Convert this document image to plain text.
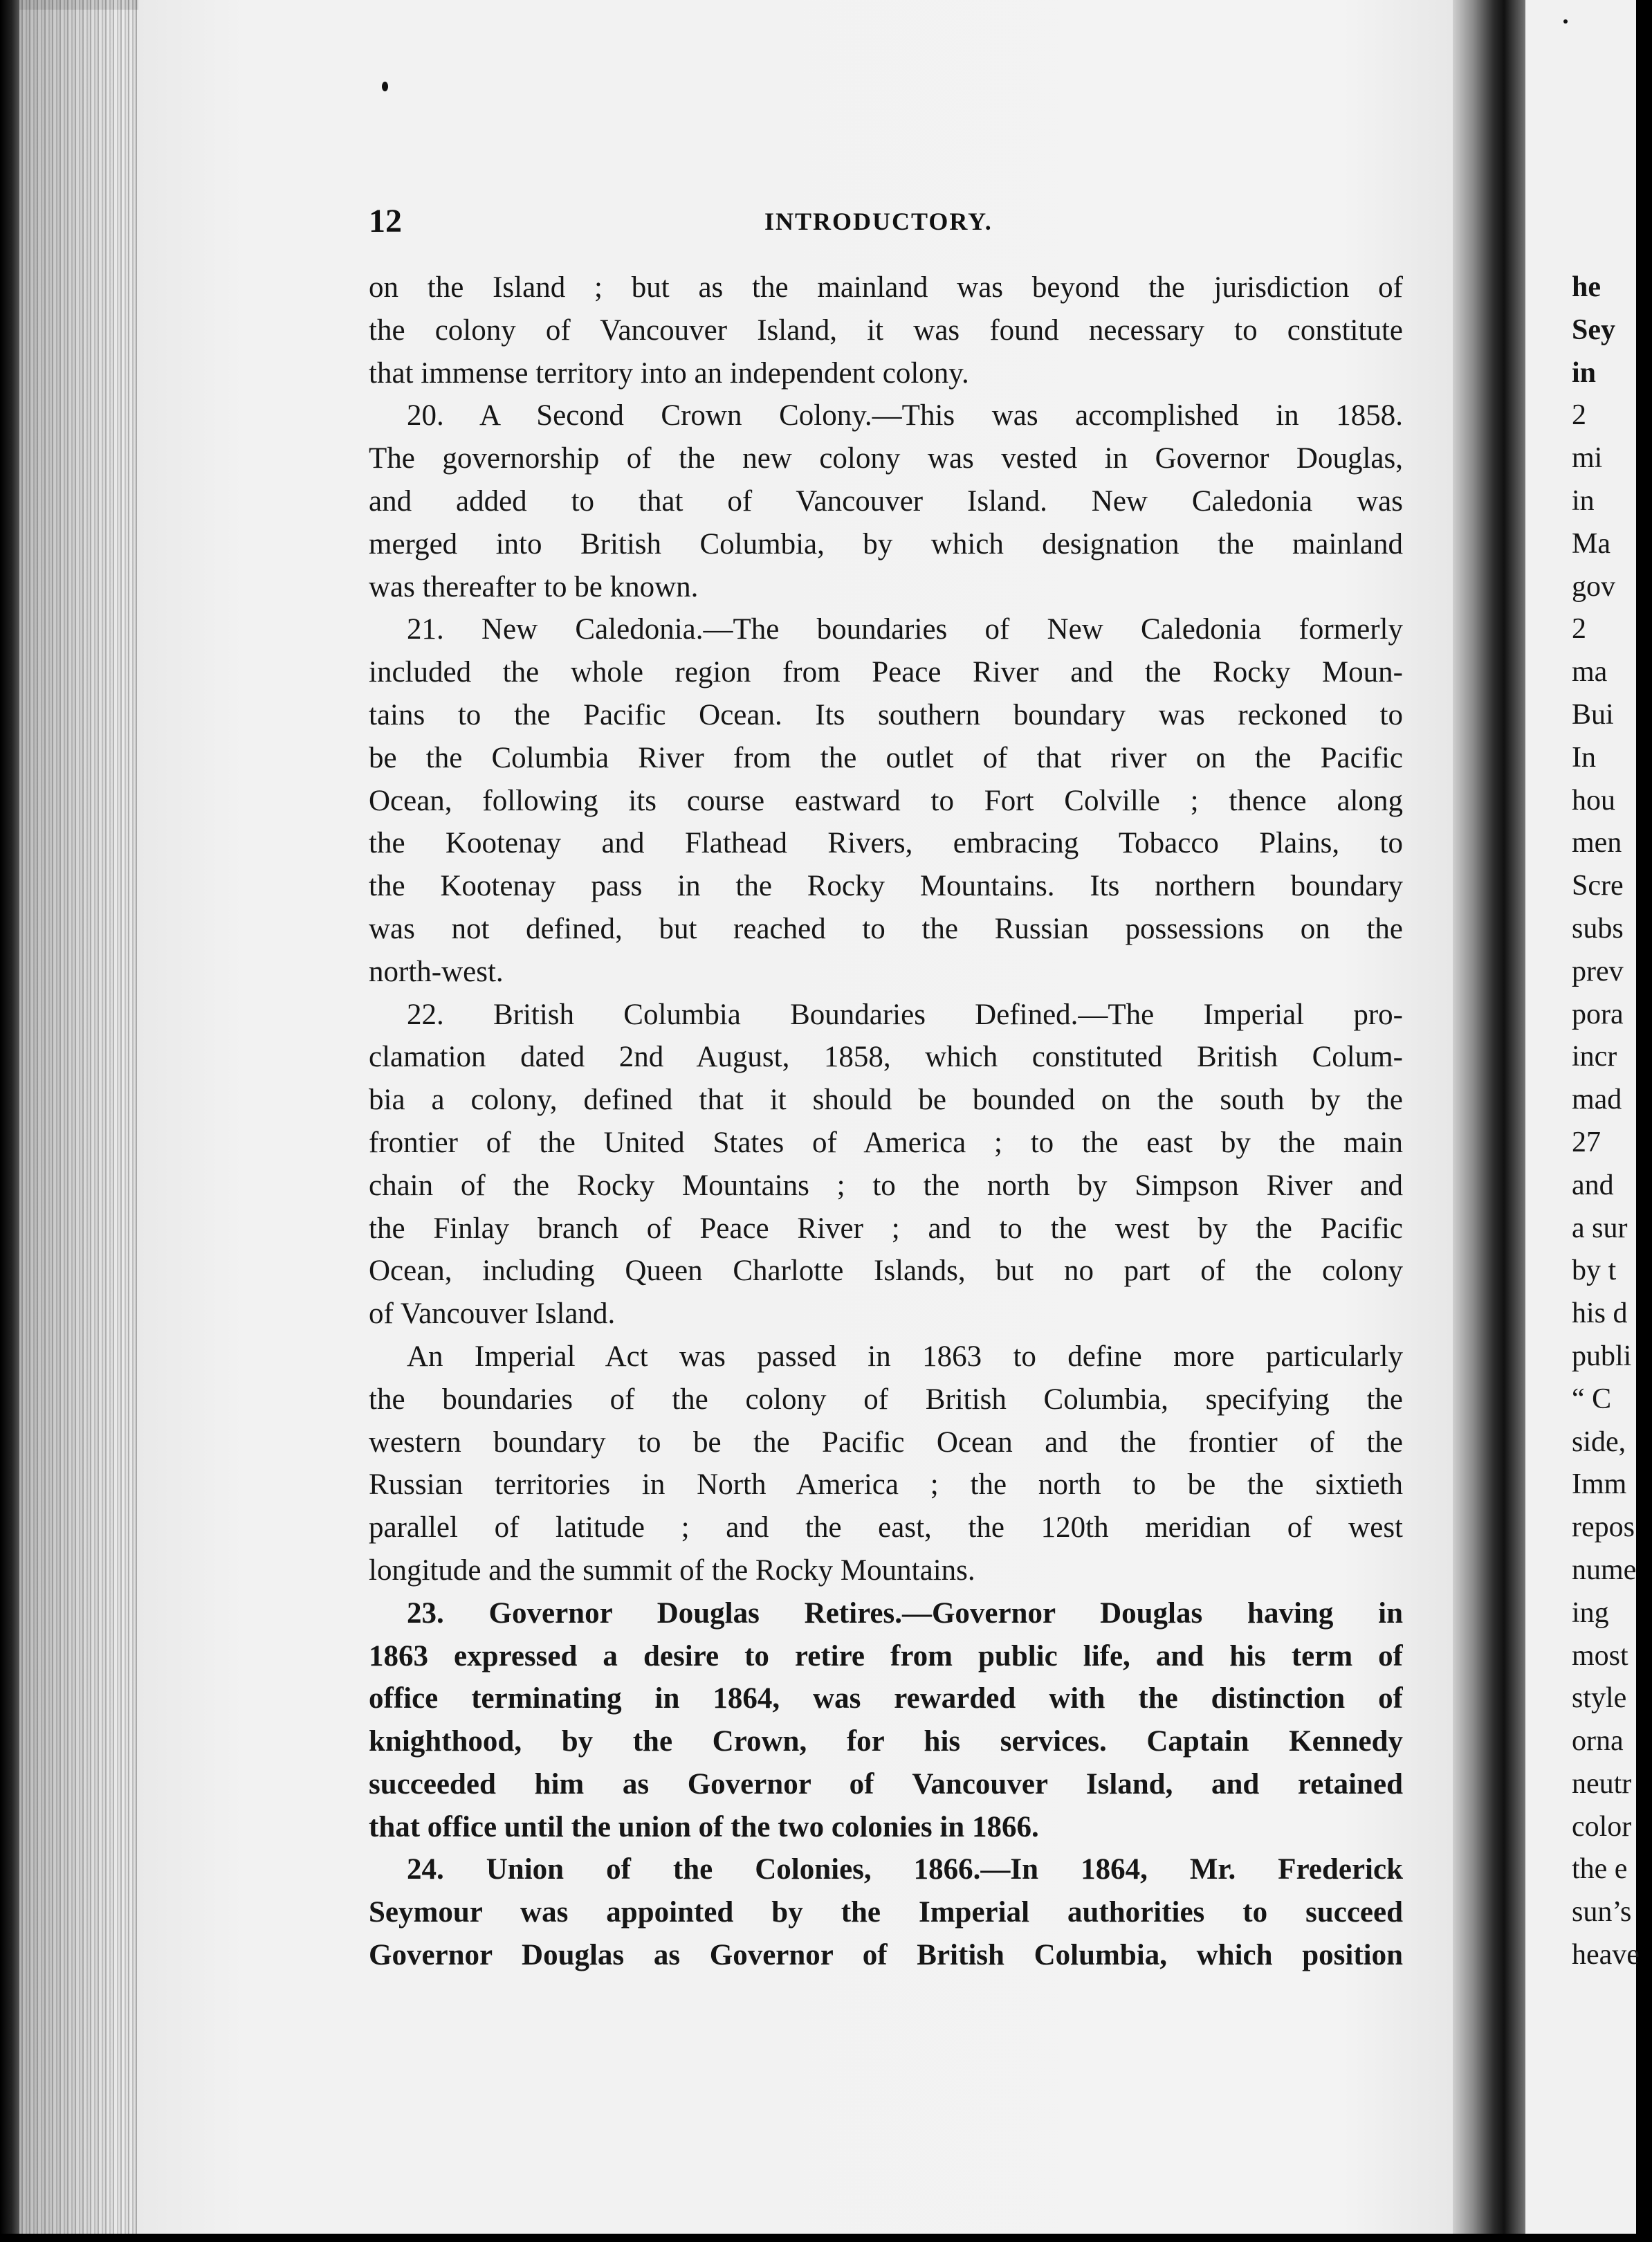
12	INTRODUCTORY.
on the Island ; but as the mainland was beyond the jurisdiction of
the colony of Vancouver Island, it was found necessary to constitute
that immense territory into an independent colony.
20. A Second Crown Colony.—This was accomplished in 1858.
The governorship of the new colony was vested in Governor Douglas,
and added to that of Vancouver Island. New Caledonia was
merged into British Columbia, by which designation the mainland
was thereafter to be known.
21. New Caledonia.—The boundaries of New Caledonia formerly
included the whole region from Peace River and the Rocky Moun-
tains to the Pacific Ocean. Its southern boundary was reckoned to
be the Columbia River from the outlet of that river on the Pacific
Ocean, following its course eastward to Fort Colville ; thence along
the Kootenay and Flathead Rivers, embracing Tobacco Plains, to
the Kootenay pass in the Rocky Mountains. Its northern boundary
was not defined, but reached to the Russian possessions on the
north-west.
22. British Columbia Boundaries Defined.—The Imperial pro-
clamation dated 2nd August, 1858, which constituted British Colum-
bia a colony, defined that it should be bounded on the south by the
frontier of the United States of America ; to the east by the main
chain of the Rocky Mountains ; to the north by Simpson River and
the Finlay branch of Peace River ; and to the west by the Pacific
Ocean, including Queen Charlotte Islands, but no part of the colony
of Vancouver Island.
An Imperial Act was passed in 1863 to define more particularly
the boundaries of the colony of British Columbia, specifying the
western boundary to be the Pacific Ocean and the frontier of the
Russian territories in North America ; the north to be the sixtieth
parallel of latitude ; and the east, the 120th meridian of west
longitude and the summit of the Rocky Mountains.
23. Governor Douglas Retires.—Governor Douglas having in
1863 expressed a desire to retire from public life, and his term of
office terminating in 1864, was rewarded with the distinction of
knighthood, by the Crown, for his services. Captain Kennedy
succeeded him as Governor of Vancouver Island, and retained
that office until the union of the two colonies in 1866.
24. Union of the Colonies, 1866.—In 1864, Mr. Frederick
Seymour was appointed by the Imperial authorities to succeed
Governor Douglas as Governor of British Columbia, which position
he
Sey
in
2
mi
in
Ma
gov
2
ma
Bui
In
hou
men
Scre
subs
prev
pora
incr
mad
27
and
a sur
by t
his d
publi
“ C
side,
Imm
repos
nume
ing
most
style
orna
neutr
color
the e
sun’s
heave
